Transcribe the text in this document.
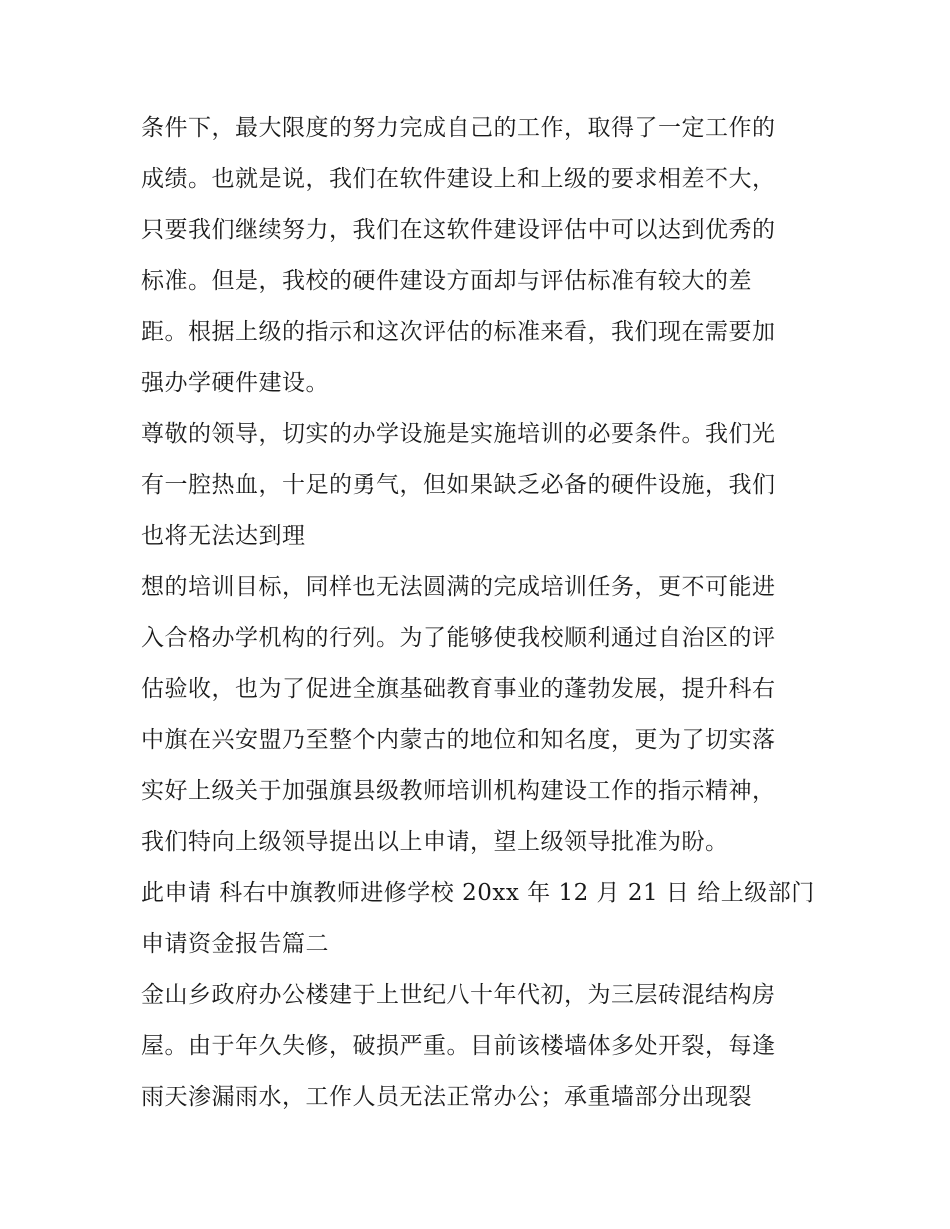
条件下，最大限度的努力完成自己的工作，取得了一定工作的
成绩。也就是说，我们在软件建设上和上级的要求相差不大，
只要我们继续努力，我们在这软件建设评估中可以达到优秀的
标准。但是，我校的硬件建设方面却与评估标准有较大的差
距。根据上级的指示和这次评估的标准来看，我们现在需要加
强办学硬件建设。
尊敬的领导，切实的办学设施是实施培训的必要条件。我们光
有一腔热血，十足的勇气，但如果缺乏必备的硬件设施，我们
也将无法达到理
想的培训目标，同样也无法圆满的完成培训任务，更不可能进
入合格办学机构的行列。为了能够使我校顺利通过自治区的评
估验收，也为了促进全旗基础教育事业的蓬勃发展，提升科右
中旗在兴安盟乃至整个内蒙古的地位和知名度，更为了切实落
实好上级关于加强旗县级教师培训机构建设工作的指示精神，
我们特向上级领导提出以上申请，望上级领导批准为盼。
此申请 科右中旗教师进修学校 20xx 年 12 月 21 日 给上级部门
申请资金报告篇二
金山乡政府办公楼建于上世纪八十年代初，为三层砖混结构房
屋。由于年久失修，破损严重。目前该楼墙体多处开裂，每逢
雨天渗漏雨水，工作人员无法正常办公；承重墙部分出现裂
